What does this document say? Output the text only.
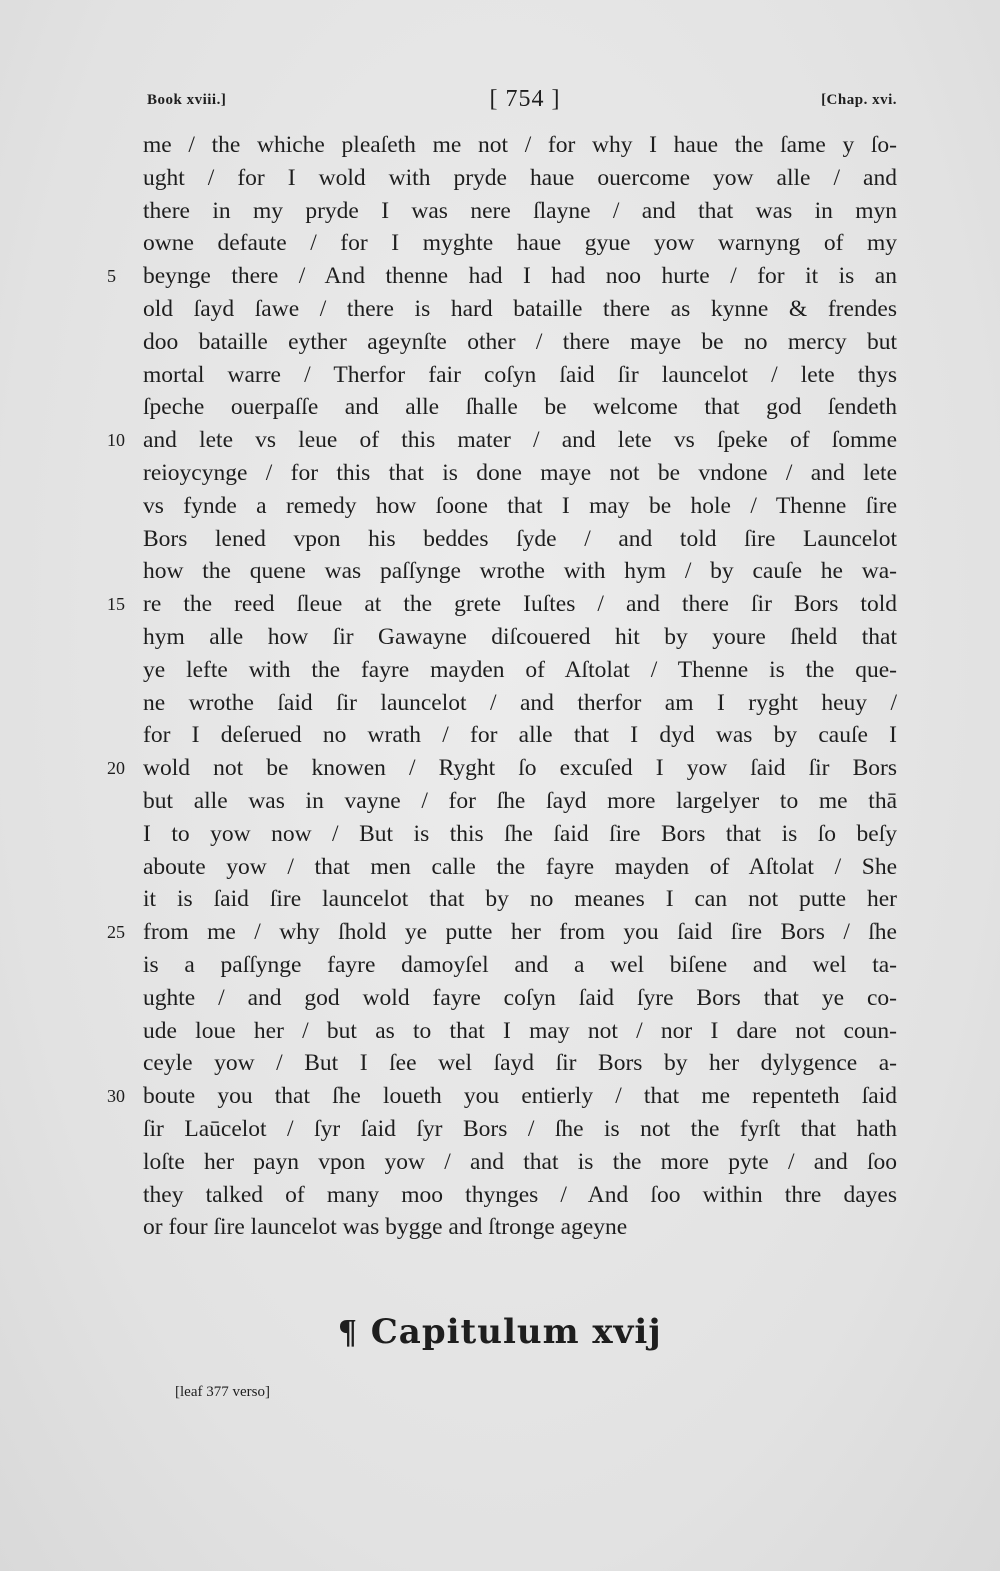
Book xviii.]	[ 754 ]	[Chap. xvi.
me / the whiche pleaſeth me not / for why I haue the ſame y ſo-
ught / for I wold with pryde haue ouercome yow alle / and
there in my pryde I was nere ſlayne / and that was in myn
owne defaute / for I myghte haue gyue yow warnyng of my
5	beynge there / And thenne had I had noo hurte / for it is an
old ſayd ſawe / there is hard bataille there as kynne & frendes
doo bataille eyther ageynſte other / there maye be no mercy but
mortal warre / Therfor fair coſyn ſaid ſir launcelot / lete thys
ſpeche ouerpaſſe and alle ſhalle be welcome that god ſendeth
10 and lete vs leue of this mater / and lete vs ſpeke of ſomme
reioycynge / for this that is done maye not be vndone / and lete
vs fynde a remedy how ſoone that I may be hole / Thenne ſire
Bors lened vpon his beddes ſyde / and told ſire Launcelot
how the quene was paſſynge wrothe with hym / by cauſe he wa-
15 re the reed ſleue at the grete Iuſtes / and there ſir Bors told
hym alle how ſir Gawayne diſcouered hit by youre ſheld that
ye lefte with the fayre mayden of Aſtolat / Thenne is the que-
ne wrothe ſaid ſir launcelot / and therfor am I ryght heuy /
for I deſerued no wrath / for alle that I dyd was by cauſe I
20 wold not be knowen / Ryght ſo excuſed I yow ſaid ſir Bors
but alle was in vayne / for ſhe ſayd more largelyer to me thā
I to yow now / But is this ſhe ſaid ſire Bors that is ſo beſy
aboute yow / that men calle the fayre mayden of Aſtolat / She
it is ſaid ſire launcelot that by no meanes I can not putte her
25 from me / why ſhold ye putte her from you ſaid ſire Bors / ſhe
is a paſſynge fayre damoyſel and a wel biſene and wel ta-
ughte / and god wold fayre coſyn ſaid ſyre Bors that ye co-
ude loue her / but as to that I may not / nor I dare not coun-
ceyle yow / But I ſee wel ſayd ſir Bors by her dylygence a-
30 boute you that ſhe loueth you entierly / that me repenteth ſaid
ſir Laūcelot / ſyr ſaid ſyr Bors / ſhe is not the fyrſt that hath
loſte her payn vpon yow / and that is the more pyte / and ſoo
they talked of many moo thynges / And ſoo within thre dayes
or four ſire launcelot was bygge and ſtronge ageyne
¶ Capitulum xvij
[leaf 377 verso]
